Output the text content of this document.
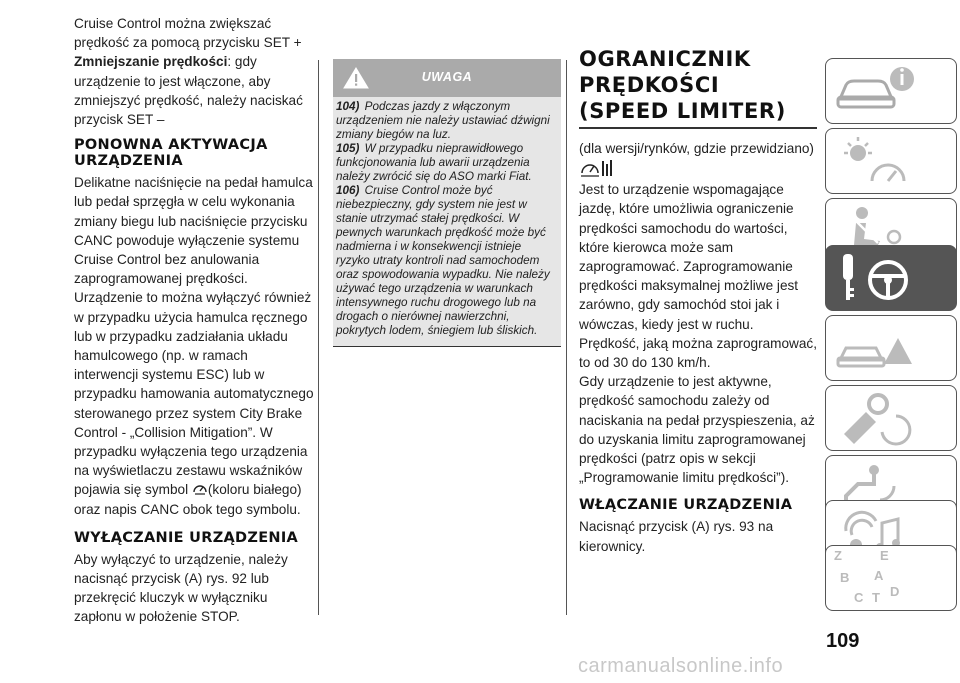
Cruise Control można zwiększać prędkość za pomocą przycisku SET + Zmniejszanie prędkości: gdy urządzenie to jest włączone, aby zmniejszyć prędkość, należy naciskać przycisk SET –

PONOWNA AKTYWACJA URZĄDZENIA

Delikatne naciśnięcie na pedał hamulca lub pedał sprzęgła w celu wykonania zmiany biegu lub naciśnięcie przycisku CANC powoduje wyłączenie systemu Cruise Control bez anulowania zaprogramowanej prędkości. Urządzenie to można wyłączyć również w przypadku użycia hamulca ręcznego lub w przypadku zadziałania układu hamulcowego (np. w ramach interwencji systemu ESC) lub w przypadku hamowania automatycznego sterowanego przez system City Brake Control - „Collision Mitigation”. W przypadku wyłączenia tego urządzenia na wyświetlaczu zestawu wskaźników pojawia się symbol (koloru białego) oraz napis CANC obok tego symbolu.

WYŁĄCZANIE URZĄDZENIA

Aby wyłączyć to urządzenie, należy nacisnąć przycisk (A) rys. 92 lub przekręcić kluczyk w wyłączniku zapłonu w położenie STOP.

UWAGA

104) Podczas jazdy z włączonym urządzeniem nie należy ustawiać dźwigni zmiany biegów na luz.

105) W przypadku nieprawidłowego funkcjonowania lub awarii urządzenia należy zwrócić się do ASO marki Fiat.

106) Cruise Control może być niebezpieczny, gdy system nie jest w stanie utrzymać stałej prędkości. W pewnych warunkach prędkość może być nadmierna i w konsekwencji istnieje ryzyko utraty kontroli nad samochodem oraz spowodowania wypadku. Nie należy używać tego urządzenia w warunkach intensywnego ruchu drogowego lub na drogach o nierównej nawierzchni, pokrytych lodem, śniegiem lub śliskich.

OGRANICZNIK PRĘDKOŚCI (SPEED LIMITER)

(dla wersji/rynków, gdzie przewidziano)

Jest to urządzenie wspomagające jazdę, które umożliwia ograniczenie prędkości samochodu do wartości, które kierowca może sam zaprogramować. Zaprogramowanie prędkości maksymalnej możliwe jest zarówno, gdy samochód stoi jak i wówczas, kiedy jest w ruchu. Prędkość, jaką można zaprogramować, to od 30 do 130 km/h.

Gdy urządzenie to jest aktywne, prędkość samochodu zależy od naciskania na pedał przyspieszenia, aż do uzyskania limitu zaprogramowanej prędkości (patrz opis w sekcji „Programowanie limitu prędkości”).

WŁĄCZANIE URZĄDZENIA

Nacisnąć przycisk (A) rys. 93 na kierownicy.

Z	E
B A
C T D
109
carmanualsonline.info
